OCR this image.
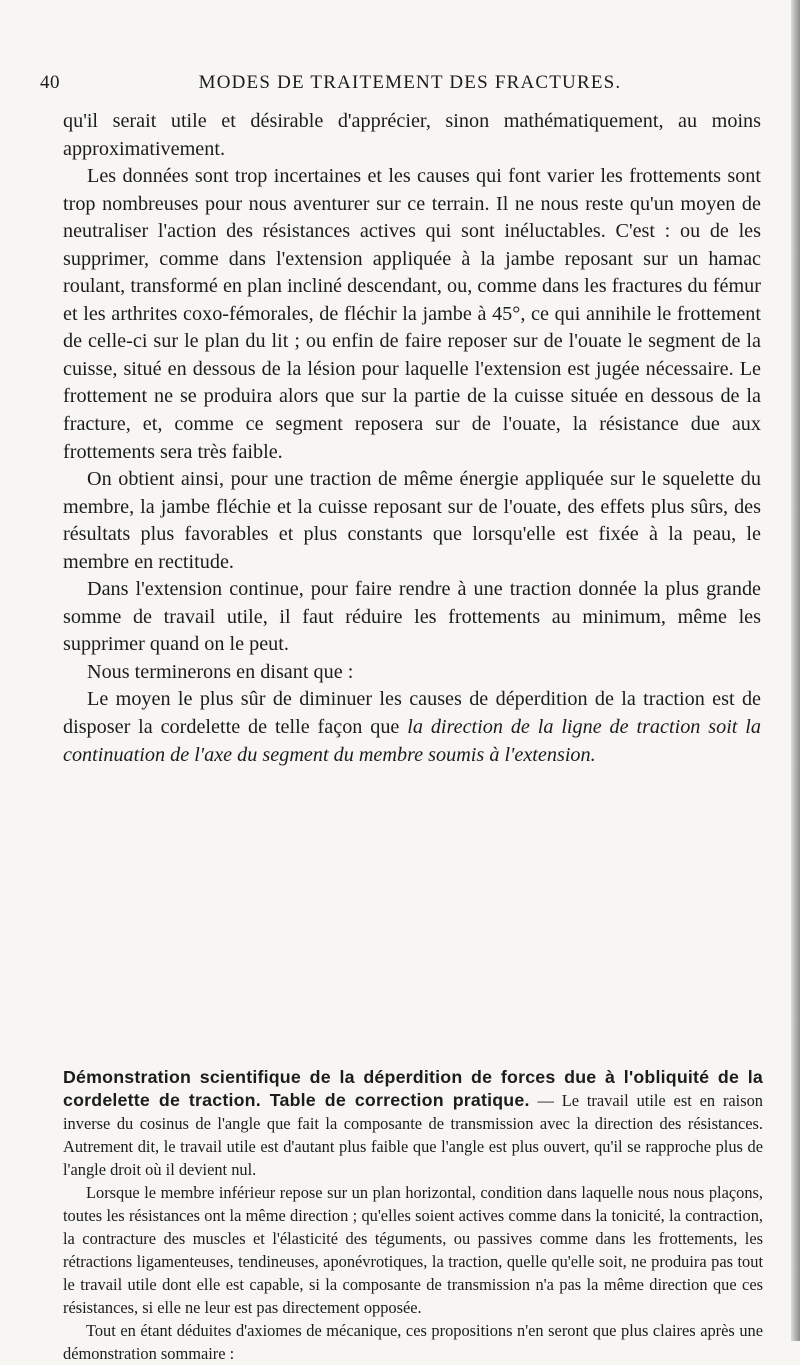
40	MODES DE TRAITEMENT DES FRACTURES.

qu'il serait utile et désirable d'apprécier, sinon mathématiquement, au moins approximativement.

Les données sont trop incertaines et les causes qui font varier les frottements sont trop nombreuses pour nous aventurer sur ce terrain. Il ne nous reste qu'un moyen de neutraliser l'action des résistances actives qui sont inéluctables. C'est : ou de les supprimer, comme dans l'extension appliquée à la jambe reposant sur un hamac roulant, transformé en plan incliné descendant, ou, comme dans les fractures du fémur et les arthrites coxo-fémorales, de fléchir la jambe à 45°, ce qui annihile le frottement de celle-ci sur le plan du lit ; ou enfin de faire reposer sur de l'ouate le segment de la cuisse, situé en dessous de la lésion pour laquelle l'extension est jugée nécessaire. Le frottement ne se produira alors que sur la partie de la cuisse située en dessous de la fracture, et, comme ce segment reposera sur de l'ouate, la résistance due aux frottements sera très faible.

On obtient ainsi, pour une traction de même énergie appliquée sur le squelette du membre, la jambe fléchie et la cuisse reposant sur de l'ouate, des effets plus sûrs, des résultats plus favorables et plus constants que lorsqu'elle est fixée à la peau, le membre en rectitude.

Dans l'extension continue, pour faire rendre à une traction donnée la plus grande somme de travail utile, il faut réduire les frottements au minimum, même les supprimer quand on le peut.

Nous terminerons en disant que :

Le moyen le plus sûr de diminuer les causes de déperdition de la traction est de disposer la cordelette de telle façon que la direction de la ligne de traction soit la continuation de l'axe du segment du membre soumis à l'extension.

Démonstration scientifique de la déperdition de forces due à l'obliquité de la cordelette de traction. Table de correction pratique. — Le travail utile est en raison inverse du cosinus de l'angle que fait la composante de transmission avec la direction des résistances. Autrement dit, le travail utile est d'autant plus faible que l'angle est plus ouvert, qu'il se rapproche plus de l'angle droit où il devient nul.

Lorsque le membre inférieur repose sur un plan horizontal, condition dans laquelle nous nous plaçons, toutes les résistances ont la même direction ; qu'elles soient actives comme dans la tonicité, la contraction, la contracture des muscles et l'élasticité des téguments, ou passives comme dans les frottements, les rétractions ligamenteuses, tendineuses, aponévrotiques, la traction, quelle qu'elle soit, ne produira pas tout le travail utile dont elle est capable, si la composante de transmission n'a pas la même direction que ces résistances, si elle ne leur est pas directement opposée.

Tout en étant déduites d'axiomes de mécanique, ces propositions n'en seront que plus claires après une démonstration sommaire :
